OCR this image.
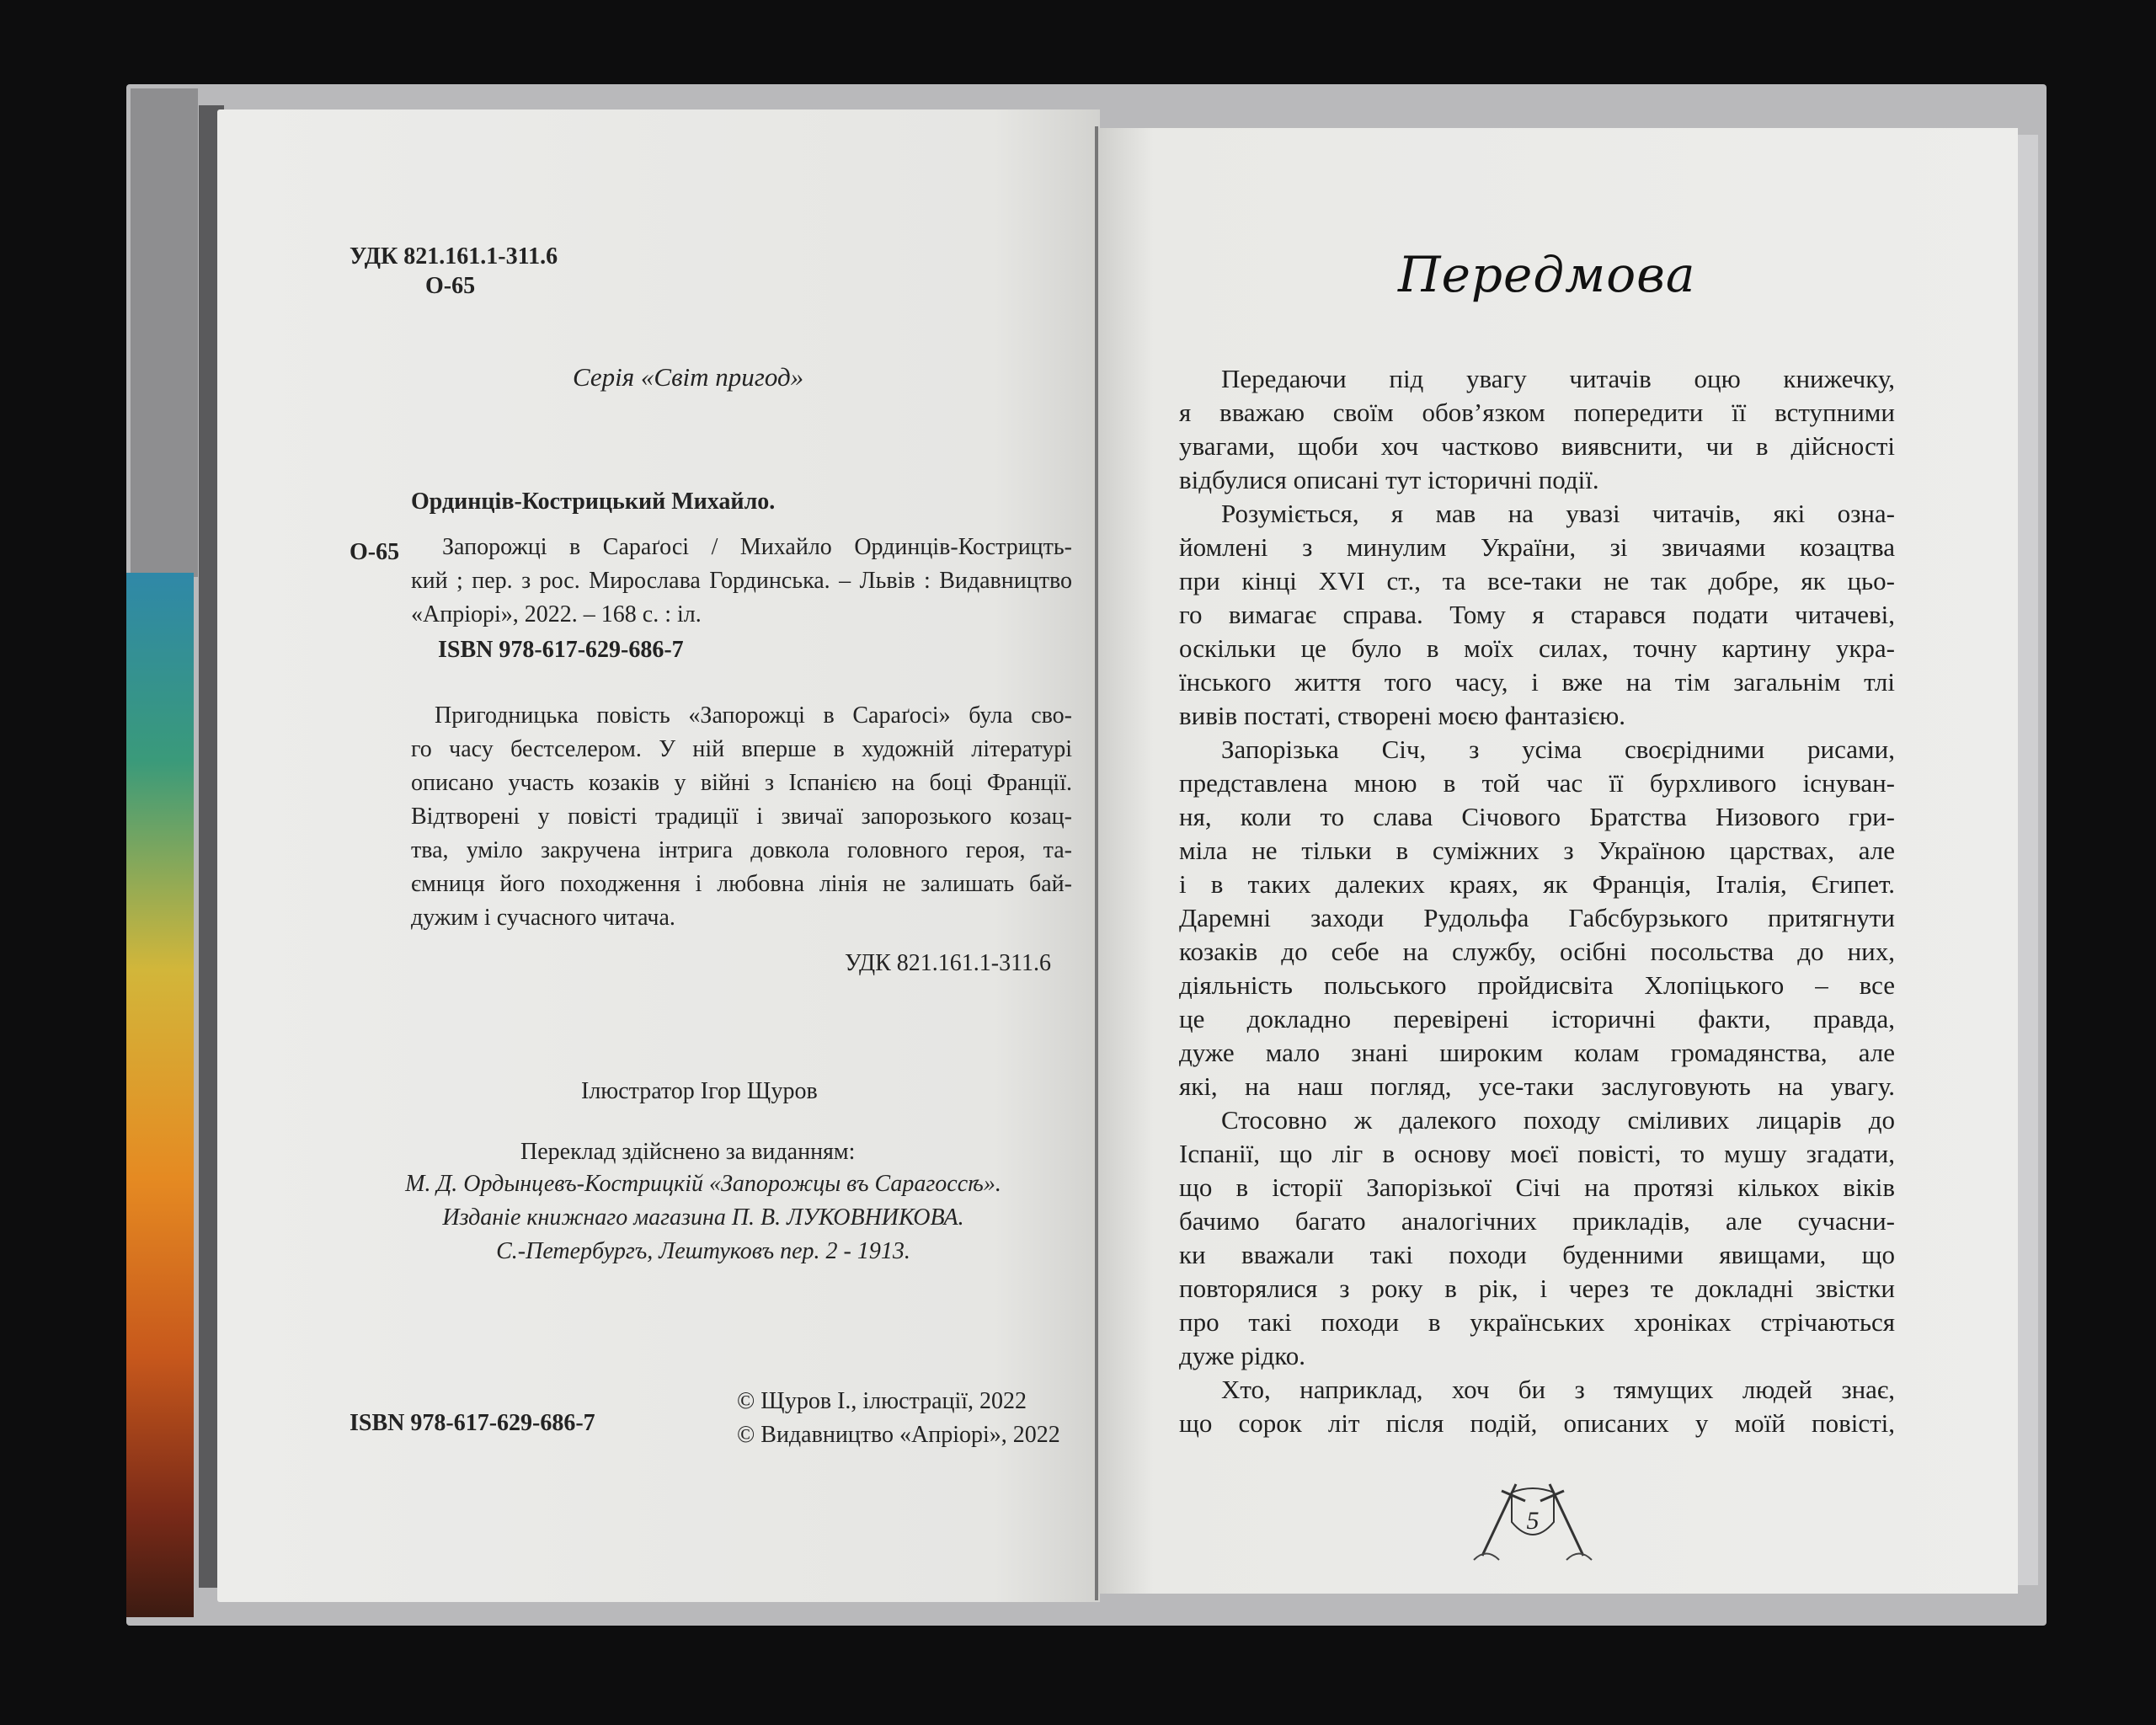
УДК 821.161.1-311.6
О-65
Серія «Світ пригод»
Ординців-Кострицький Михайло.
О-65 Запорожці в Сараґосі / Михайло Ординців-Кострицть-
кий ; пер. з рос. Мирослава Гординська. – Львів : Видавництво
«Апріорі», 2022. – 168 с. : іл.
ISBN 978-617-629-686-7
Пригодницька повість «Запорожці в Сараґосі» була сво-
го часу бестселером. У ній вперше в художній літературі
описано участь козаків у війні з Іспанією на боці Франції.
Відтворені у повісті традиції і звичаї запорозького козац-
тва, уміло закручена інтрига довкола головного героя, та-
ємниця його походження і любовна лінія не залишать бай-
дужим і сучасного читача.
УДК 821.161.1-311.6
Ілюстратор Ігор Щуров
Переклад здійснено за виданням:
М. Д. Ордынцевъ-Кострицкій «Запорожцы въ Сарагоссѣ».
Изданіе книжнаго магазина П. В. ЛУКОВНИКОВА.
С.-Петербургъ, Лештуковъ пер. 2 - 1913.
ISBN 978-617-629-686-7
© Щуров І., ілюстрації, 2022
© Видавництво «Апріорі», 2022
Передмова
Передаючи під увагу читачів оцю книжечку,
я вважаю своїм обов’язком попередити її вступними
увагами, щоби хоч частково виявснити, чи в дійсності
відбулися описані тут історичні події.
Розуміється, я мав на увазі читачів, які озна-
йомлені з минулим України, зі звичаями козацтва
при кінці XVI ст., та все-таки не так добре, як цьо-
го вимагає справа. Тому я старався подати читачеві,
оскільки це було в моїх силах, точну картину укра-
їнського життя того часу, і вже на тім загальнім тлі
вивів постаті, створені моєю фантазією.
Запорізька Січ, з усіма своєрідними рисами,
представлена мною в той час її бурхливого існуван-
ня, коли то слава Січового Братства Низового гри-
міла не тільки в суміжних з Україною царствах, але
і в таких далеких краях, як Франція, Італія, Єгипет.
Даремні заходи Рудольфа Габсбурзького притягнути
козаків до себе на службу, осібні посольства до них,
діяльність польського пройдисвіта Хлопіцького – все
це докладно перевірені історичні факти, правда,
дуже мало знані широким колам громадянства, але
які, на наш погляд, усе-таки заслуговують на увагу.
Стосовно ж далекого походу сміливих лицарів до
Іспанії, що ліг в основу моєї повісті, то мушу згадати,
що в історії Запорізької Січі на протязі кількох віків
бачимо багато аналогічних прикладів, але сучасни-
ки вважали такі походи буденними явищами, що
повторялися з року в рік, і через те докладні звістки
про такі походи в українських хроніках стрічаються
дуже рідко.
Хто, наприклад, хоч би з тямущих людей знає,
що сорок літ після подій, описаних у моїй повісті,
5
